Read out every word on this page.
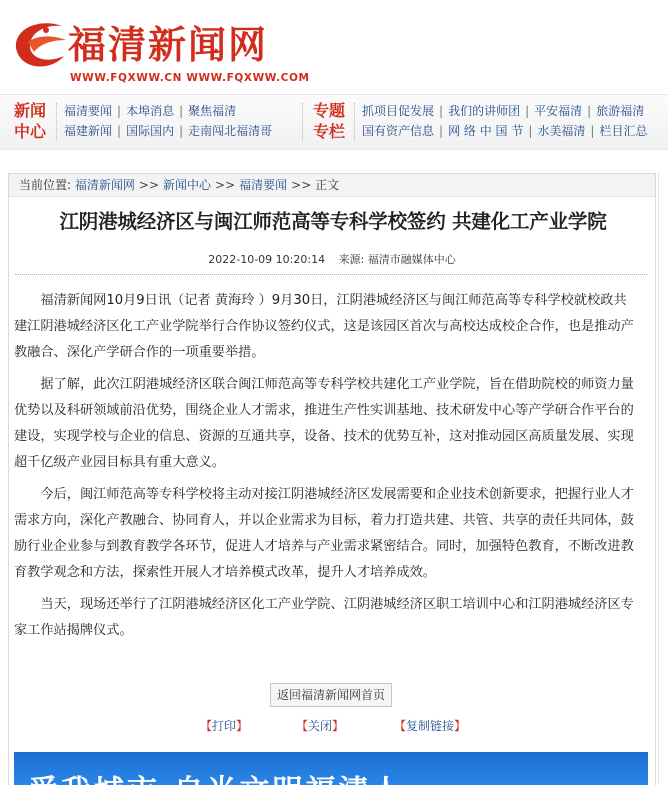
福清新闻网
WWW.FQXWW.CN WWW.FQXWW.COM
新闻
中心
福清要闻 | 本埠消息 | 聚焦福清
福建新闻 | 国际国内 | 走南闯北福清哥
专题
专栏
抓项目促发展 | 我们的讲师团 | 平安福清 | 旅游福清
国有资产信息 | 网 络 中 国 节 | 水美福清 | 栏目汇总
当前位置: 福清新闻网 >> 新闻中心 >> 福清要闻 >> 正文
江阴港城经济区与闽江师范高等专科学校签约 共建化工产业学院
2022-10-09 10:20:14 来源: 福清市融媒体中心

福清新闻网10月9日讯（记者 黄海玲 ）9月30日，江阴港城经济区与闽江师范高等专科学校就校政共建江阴港城经济区化工产业学院举行合作协议签约仪式，这是该园区首次与高校达成校企合作，也是推动产教融合、深化产学研合作的一项重要举措。

据了解，此次江阴港城经济区联合闽江师范高等专科学校共建化工产业学院，旨在借助院校的师资力量优势以及科研领域前沿优势，围绕企业人才需求，推进生产性实训基地、技术研发中心等产学研合作平台的建设，实现学校与企业的信息、资源的互通共享，设备、技术的优势互补，这对推动园区高质量发展、实现超千亿级产业园目标具有重大意义。

今后，闽江师范高等专科学校将主动对接江阴港城经济区发展需要和企业技术创新要求，把握行业人才需求方向，深化产教融合、协同育人，并以企业需求为目标，着力打造共建、共管、共享的责任共同体，鼓励行业企业参与到教育教学各环节，促进人才培养与产业需求紧密结合。同时，加强特色教育，不断改进教育教学观念和方法，探索性开展人才培养模式改革，提升人才培养成效。

当天，现场还举行了江阴港城经济区化工产业学院、江阴港城经济区职工培训中心和江阴港城经济区专家工作站揭牌仪式。

返回福清新闻网首页
【打印】	【关闭】	【复制链接】
爱我城市 自当文明福清人
